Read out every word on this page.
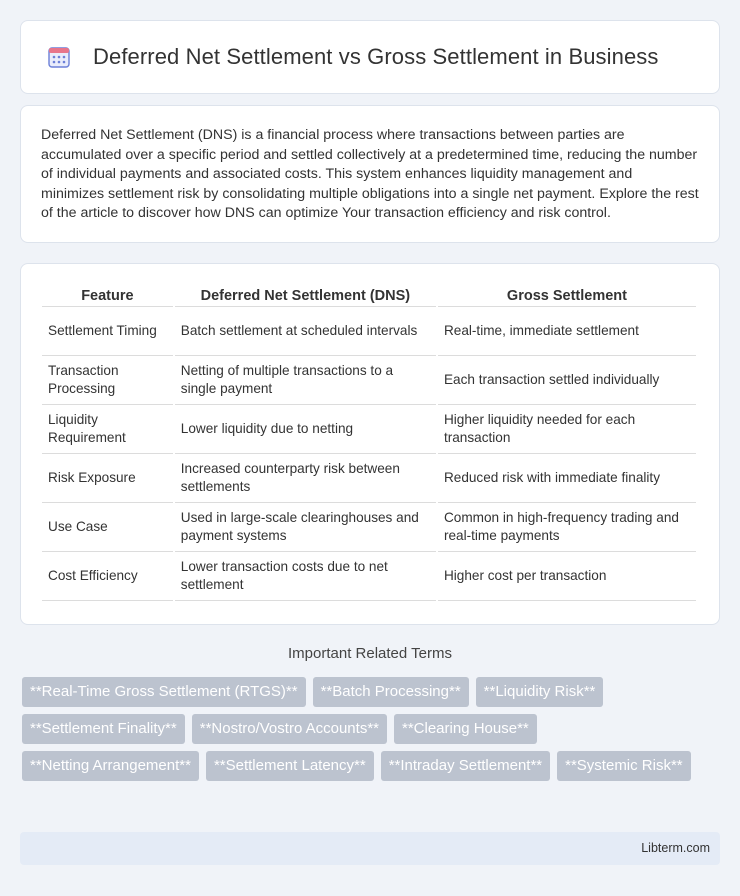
Deferred Net Settlement vs Gross Settlement in Business

Deferred Net Settlement (DNS) is a financial process where transactions between parties are accumulated over a specific period and settled collectively at a predetermined time, reducing the number of individual payments and associated costs. This system enhances liquidity management and minimizes settlement risk by consolidating multiple obligations into a single net payment. Explore the rest of the article to discover how DNS can optimize Your transaction efficiency and risk control.

Feature	Deferred Net Settlement (DNS)	Gross Settlement
Settlement Timing	Batch settlement at scheduled intervals	Real-time, immediate settlement
Transaction Processing	Netting of multiple transactions to a single payment	Each transaction settled individually
Liquidity Requirement	Lower liquidity due to netting	Higher liquidity needed for each transaction
Risk Exposure	Increased counterparty risk between settlements	Reduced risk with immediate finality
Use Case	Used in large-scale clearinghouses and payment systems	Common in high-frequency trading and real-time payments
Cost Efficiency	Lower transaction costs due to net settlement	Higher cost per transaction
Important Related Terms
**Real-Time Gross Settlement (RTGS)**	**Batch Processing**	**Liquidity Risk**
**Settlement Finality**	**Nostro/Vostro Accounts**	**Clearing House**
**Netting Arrangement**	**Settlement Latency**	**Intraday Settlement**	**Systemic Risk**
Libterm.com
